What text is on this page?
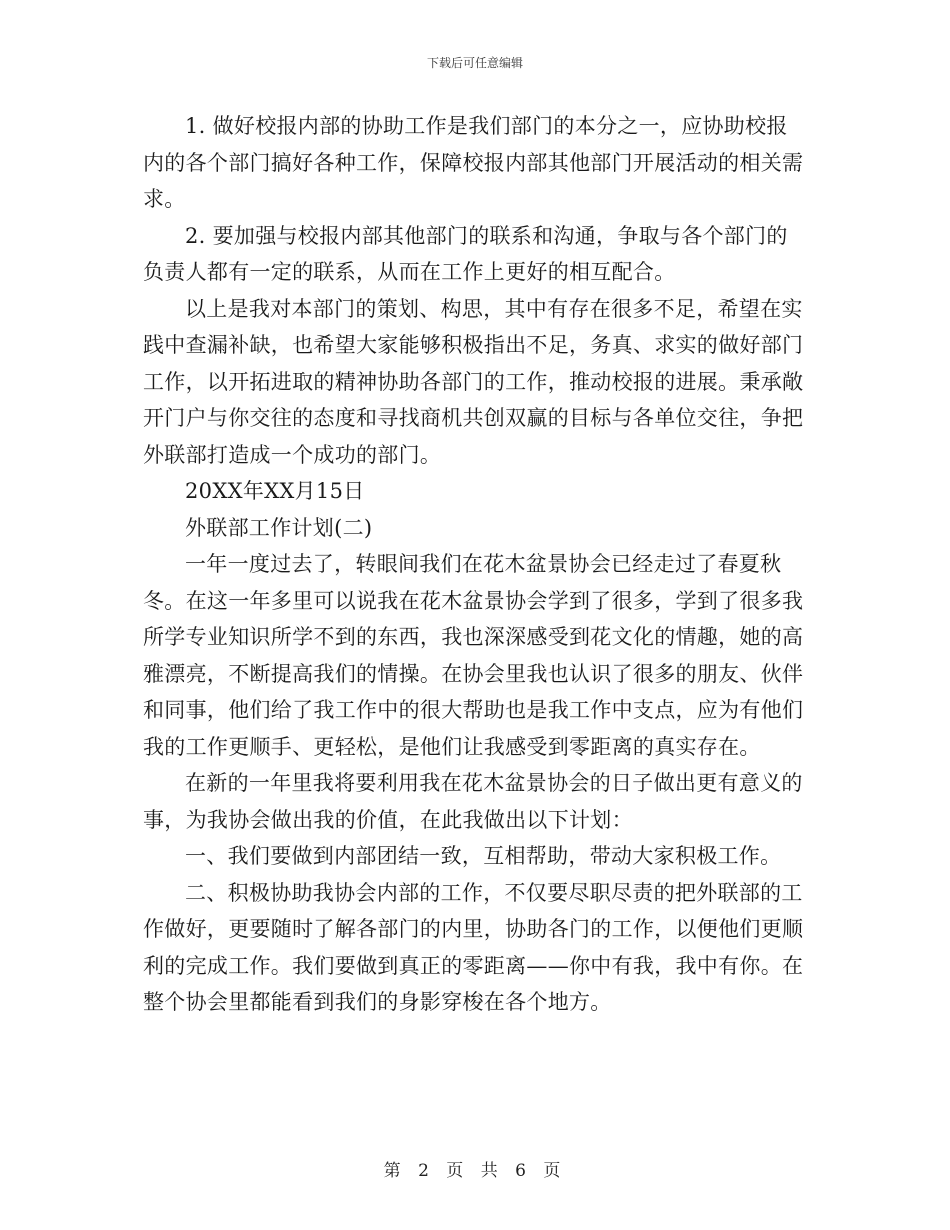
下载后可任意编辑

1. 做好校报内部的协助工作是我们部门的本分之一，应协助校报内的各个部门搞好各种工作，保障校报内部其他部门开展活动的相关需求。

2. 要加强与校报内部其他部门的联系和沟通，争取与各个部门的负责人都有一定的联系，从而在工作上更好的相互配合。

以上是我对本部门的策划、构思，其中有存在很多不足，希望在实践中查漏补缺，也希望大家能够积极指出不足，务真、求实的做好部门工作，以开拓进取的精神协助各部门的工作，推动校报的进展。秉承敞开门户与你交往的态度和寻找商机共创双赢的目标与各单位交往，争把外联部打造成一个成功的部门。

20XX年XX月15日

外联部工作计划(二)

一年一度过去了，转眼间我们在花木盆景协会已经走过了春夏秋冬。在这一年多里可以说我在花木盆景协会学到了很多，学到了很多我所学专业知识所学不到的东西，我也深深感受到花文化的情趣，她的高雅漂亮，不断提高我们的情操。在协会里我也认识了很多的朋友、伙伴和同事，他们给了我工作中的很大帮助也是我工作中支点，应为有他们我的工作更顺手、更轻松，是他们让我感受到零距离的真实存在。

在新的一年里我将要利用我在花木盆景协会的日子做出更有意义的事，为我协会做出我的价值，在此我做出以下计划：

一、我们要做到内部团结一致，互相帮助，带动大家积极工作。

二、积极协助我协会内部的工作，不仅要尽职尽责的把外联部的工作做好，更要随时了解各部门的内里，协助各门的工作，以便他们更顺利的完成工作。我们要做到真正的零距离——你中有我，我中有你。在整个协会里都能看到我们的身影穿梭在各个地方。

第 2 页 共 6 页
